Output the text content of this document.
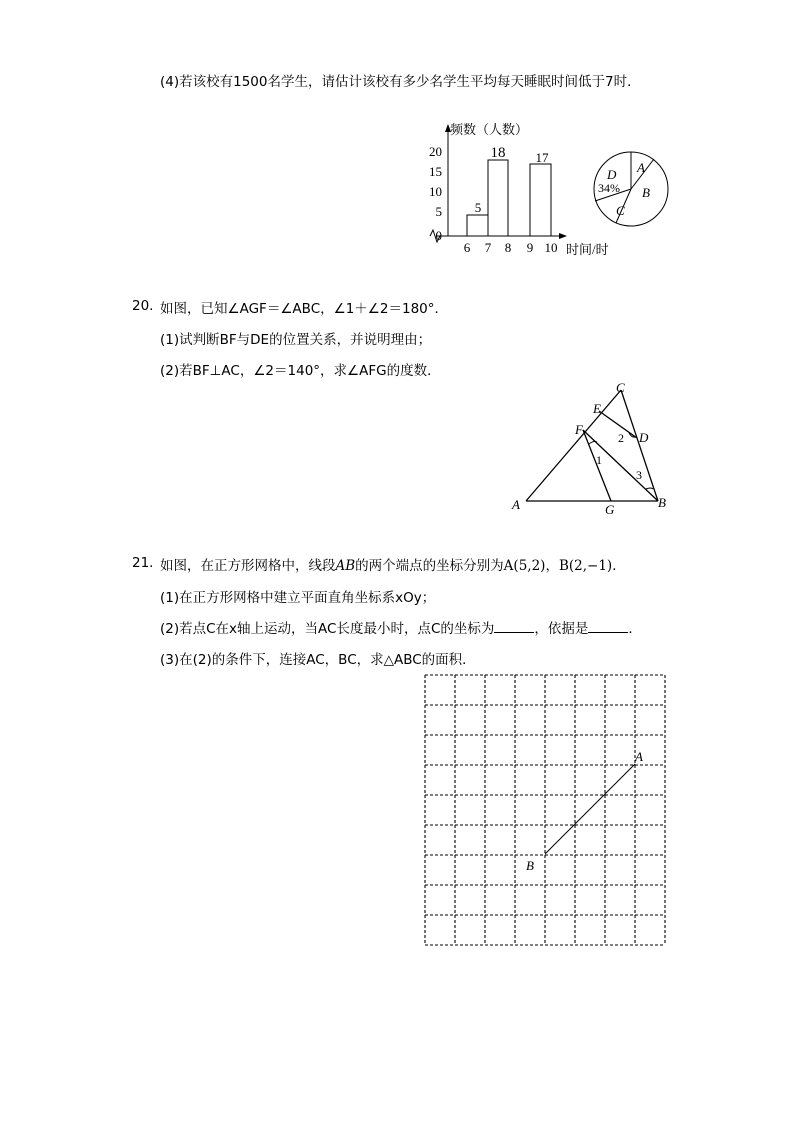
(4)若该校有1500名学生，请估计该校有多少名学生平均每天睡眠时间低于7时．
频数（人数）
20
15
10
5
0
5
18 17
6 7 8 9 10 时间/时
A
B
C
D
34%
20. 如图，已知∠AGF＝∠ABC，∠1＋∠2＝180°．
(1)试判断BF与DE的位置关系，并说明理由；
(2)若BF⊥AC，∠2＝140°，求∠AFG的度数．
A	B
C
D
E
F
G
1
2
3
21. 如图，在正方形网格中，线段AB的两个端点的坐标分别为A(5,2)，B(2,−1)．
(1)在正方形网格中建立平面直角坐标系xOy；
(2)若点C在x轴上运动，当AC长度最小时，点C的坐标为	，依据是	．
(3)在(2)的条件下，连接AC，BC，求△ABC的面积．
A
B
